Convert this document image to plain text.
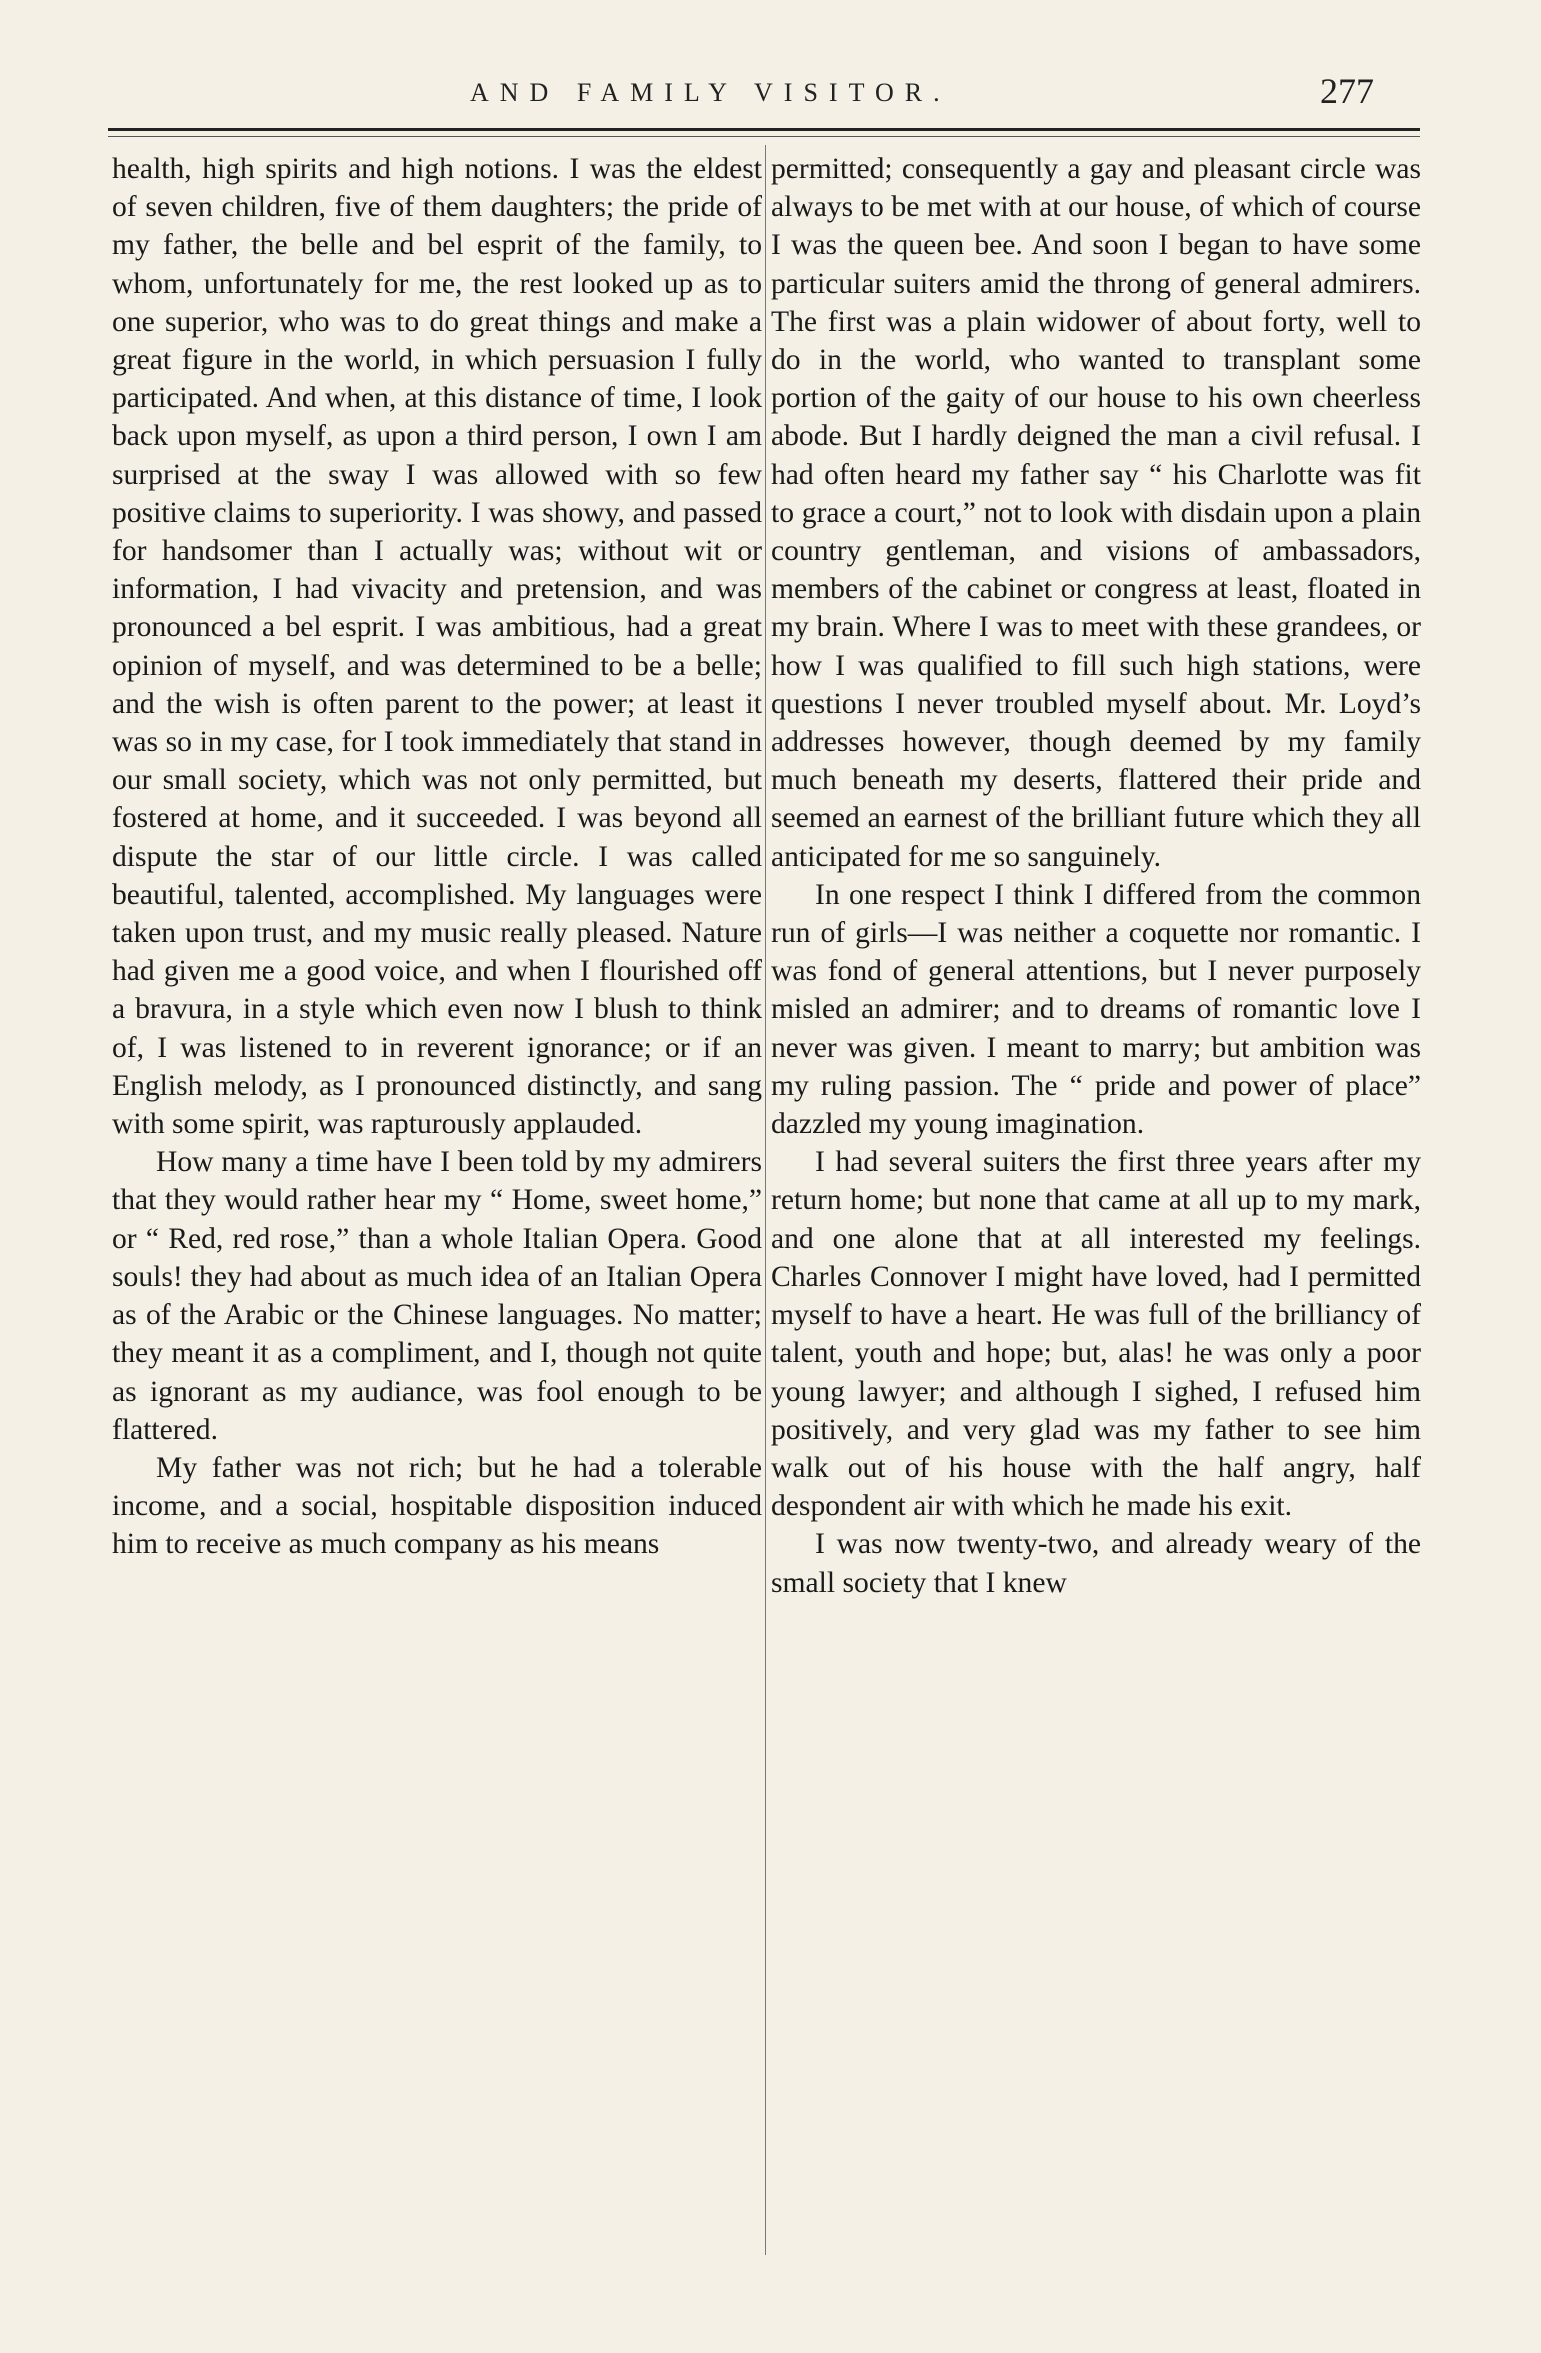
AND FAMILY VISITOR.	277

health, high spirits and high notions. I was the eldest of seven children, five of them daughters; the pride of my father, the belle and bel esprit of the family, to whom, unfortunately for me, the rest looked up as to one superior, who was to do great things and make a great figure in the world, in which persuasion I fully participated. And when, at this distance of time, I look back upon myself, as upon a third person, I own I am surprised at the sway I was allowed with so few positive claims to superiority. I was showy, and passed for handsomer than I actually was; without wit or information, I had vivacity and pretension, and was pronounced a bel esprit. I was ambitious, had a great opinion of myself, and was determined to be a belle; and the wish is often parent to the power; at least it was so in my case, for I took immediately that stand in our small society, which was not only permitted, but fostered at home, and it succeeded. I was beyond all dispute the star of our little circle. I was called beautiful, talented, accomplished. My languages were taken upon trust, and my music really pleased. Nature had given me a good voice, and when I flourished off a bravura, in a style which even now I blush to think of, I was listened to in reverent ignorance; or if an English melody, as I pronounced distinctly, and sang with some spirit, was rapturously applauded.

How many a time have I been told by my admirers that they would rather hear my “ Home, sweet home,” or “ Red, red rose,” than a whole Italian Opera. Good souls! they had about as much idea of an Italian Opera as of the Arabic or the Chinese languages. No matter; they meant it as a compliment, and I, though not quite as ignorant as my audiance, was fool enough to be flattered.

My father was not rich; but he had a tolerable income, and a social, hospitable disposition induced him to receive as much company as his means

permitted; consequently a gay and pleasant circle was always to be met with at our house, of which of course I was the queen bee. And soon I began to have some particular suiters amid the throng of general admirers. The first was a plain widower of about forty, well to do in the world, who wanted to transplant some portion of the gaity of our house to his own cheerless abode. But I hardly deigned the man a civil refusal. I had often heard my father say “ his Charlotte was fit to grace a court,” not to look with disdain upon a plain country gentleman, and visions of ambassadors, members of the cabinet or congress at least, floated in my brain. Where I was to meet with these grandees, or how I was qualified to fill such high stations, were questions I never troubled myself about. Mr. Loyd’s addresses however, though deemed by my family much beneath my deserts, flattered their pride and seemed an earnest of the brilliant future which they all anticipated for me so sanguinely.

In one respect I think I differed from the common run of girls—I was neither a coquette nor romantic. I was fond of general attentions, but I never purposely misled an admirer; and to dreams of romantic love I never was given. I meant to marry; but ambition was my ruling passion. The “ pride and power of place” dazzled my young imagination.

I had several suiters the first three years after my return home; but none that came at all up to my mark, and one alone that at all interested my feelings. Charles Connover I might have loved, had I permitted myself to have a heart. He was full of the brilliancy of talent, youth and hope; but, alas! he was only a poor young lawyer; and although I sighed, I refused him positively, and very glad was my father to see him walk out of his house with the half angry, half despondent air with which he made his exit.

I was now twenty-two, and already weary of the small society that I knew
